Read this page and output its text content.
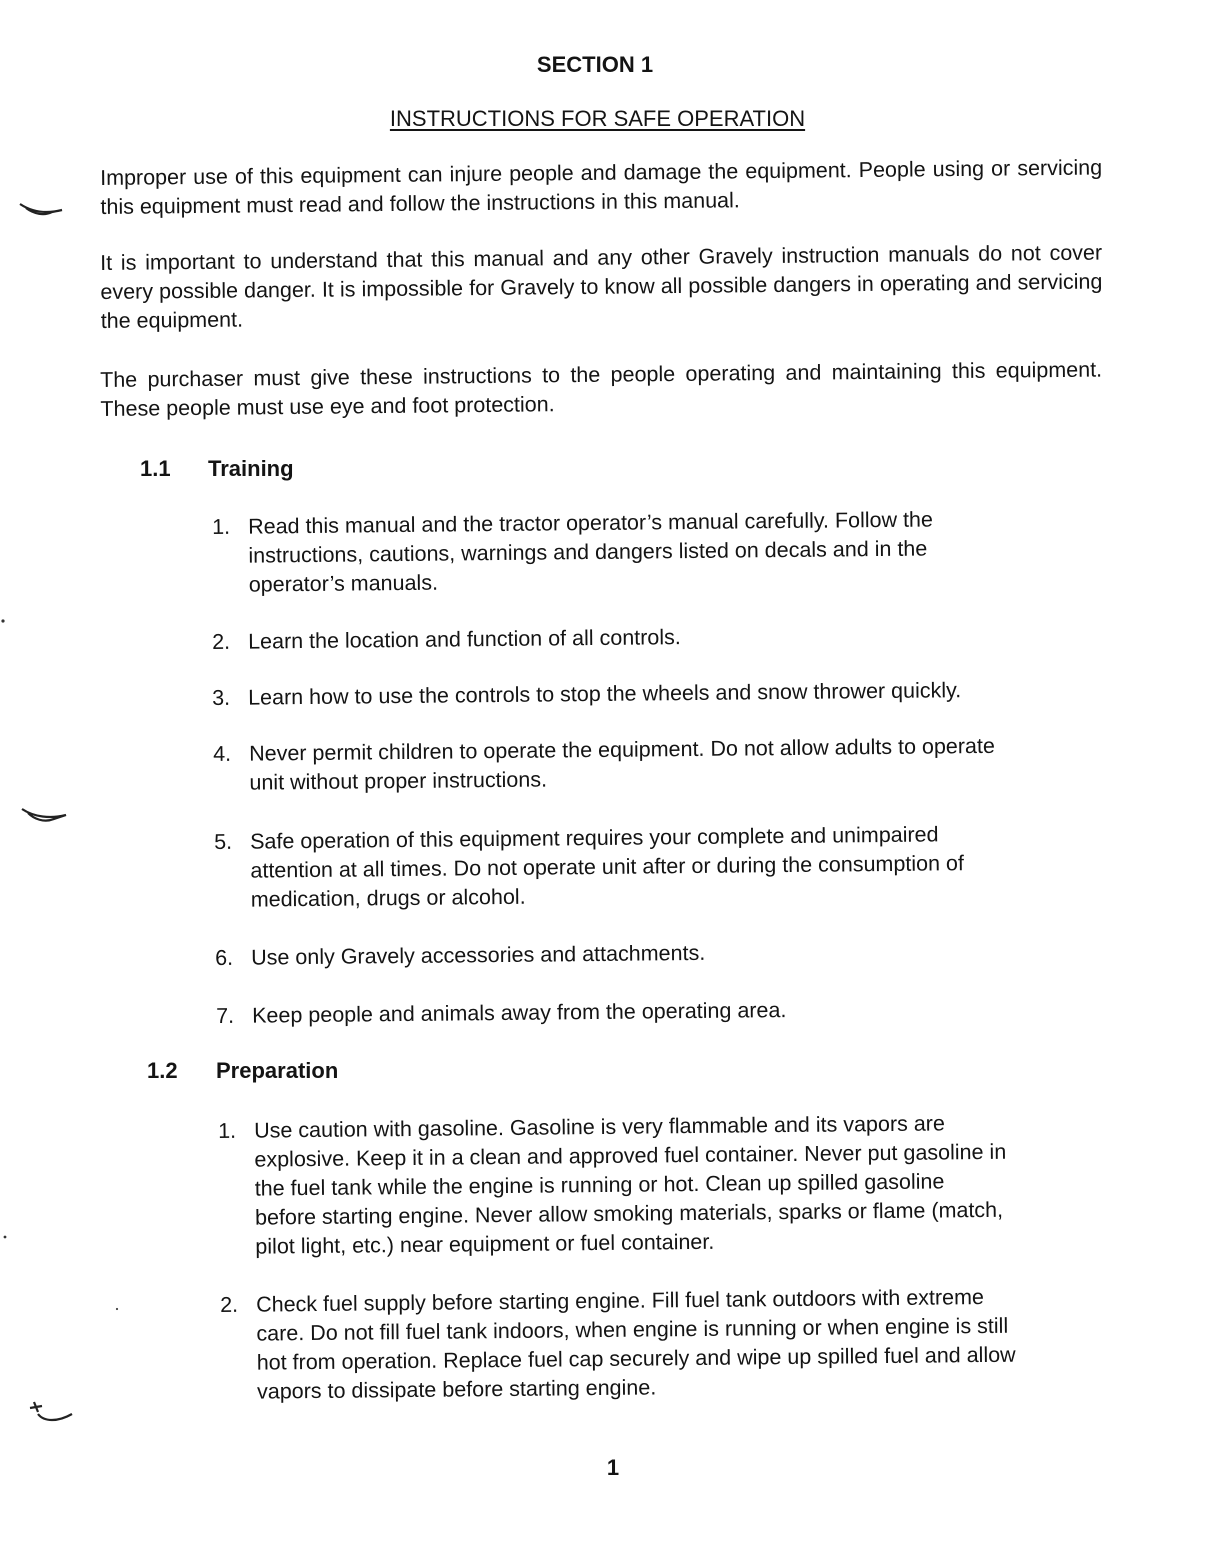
SECTION 1
INSTRUCTIONS FOR SAFE OPERATION

Improper use of this equipment can injure people and damage the equipment. People using or servicing this equipment must read and follow the instructions in this manual.

It is important to understand that this manual and any other Gravely instruction manuals do not cover every possible danger. It is impossible for Gravely to know all possible dangers in operating and servicing the equipment.

The purchaser must give these instructions to the people operating and maintaining this equipment. These people must use eye and foot protection.

1.1 Training
1. Read this manual and the tractor operator’s manual carefully. Follow the
instructions, cautions, warnings and dangers listed on decals and in the
operator’s manuals.
2. Learn the location and function of all controls.
3. Learn how to use the controls to stop the wheels and snow thrower quickly.
4. Never permit children to operate the equipment. Do not allow adults to operate
unit without proper instructions.
5. Safe operation of this equipment requires your complete and unimpaired
attention at all times. Do not operate unit after or during the consumption of
medication, drugs or alcohol.
6. Use only Gravely accessories and attachments.
7. Keep people and animals away from the operating area.
1.2 Preparation
1. Use caution with gasoline. Gasoline is very flammable and its vapors are
explosive. Keep it in a clean and approved fuel container. Never put gasoline in
the fuel tank while the engine is running or hot. Clean up spilled gasoline
before starting engine. Never allow smoking materials, sparks or flame (match,
pilot light, etc.) near equipment or fuel container.
2. Check fuel supply before starting engine. Fill fuel tank outdoors with extreme
care. Do not fill fuel tank indoors, when engine is running or when engine is still
hot from operation. Replace fuel cap securely and wipe up spilled fuel and allow
vapors to dissipate before starting engine.
1
